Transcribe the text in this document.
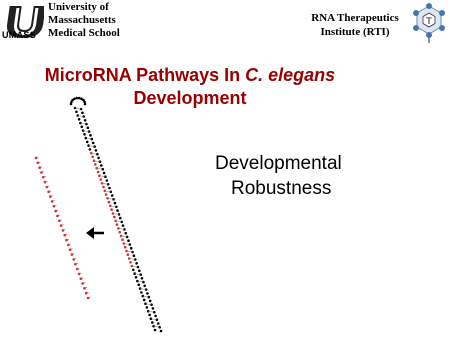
UMASS
University of
Massachusetts
Medical School
RNA Therapeutics
Institute (RTI)
T
MicroRNA Pathways In C. elegans
Development
Developmental
Robustness
